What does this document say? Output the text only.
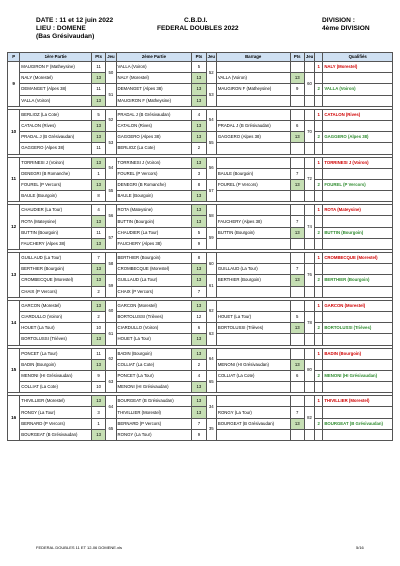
DATE : 11 et 12 juin 2022
LIEU : DOMENE
(Bas Grésivaudan)
C.B.D.I.
FEDERAL DOUBLES 2022
DIVISION :
4ème DIVISION
P	1ère Partie	Pts	Jeu	2ème Partie	Pts	Jeu	Barrage	Pts	Jeu		Qualifiés
9	MAUGIRON F (Matheysine)	11	50	VALLA (Voiron)	5	52				1	NALY (Morestel)
	NALY (Morestel)	13		NALY (Morestel)	13		VALLA (Voiron)	13	60		
	DEMANGET (Alpes 38)	11	51	DEMANGET (Alpes 38)	13	53	MAUGIRON F (Matheysine)	9		2	VALLA (Voiron)
	VALLA (Voiron)	13		MAUGIRON F (Matheysine)	13						

10	BERLIOZ (La Cote)	5	52	PRADAL J (B Grésivaudan)	4	54				1	CATALON (Rives)
	CATALON (Rives)	13		CATALON (Rives)	13		PRADAL J (B Grésivaudan)	6	70		
	PRADAL J (B Grésivaudan)	13	53	GAGGERO (Alpes 38)	13	55	GAGGERO (Alpes 38)	13		2	GAGGERO (Alpes 38)
	GAGGERO (Alpes 38)	11		BERLIOZ (La Cote)	2						

11	TORRINESI J (Voiron)	13	54	TORRINESI J (Voiron)	13	56				1	TORRINESI J (Voiron)
	DENEGRI (B Romanche)	1		FOUREL (P Vercors)	3		BAULE (Bourgoin)	7	72		
	FOUREL (P Vercors)	13	55	DENEGRI (B Romanche)	8	57	FOUREL (P Vercors)	13		2	FOUREL (P Vercors)
	BAULE (Bourgoin)	8		BAULE (Bourgoin)	13						

12	CHAUDIER (La Tour)	4	56	ROTA (Mateysine)	13	58				1	ROTA (Mateysine)
	ROTA (Mateysine)	13		BUTTIN (Bourgoin)	13		FAUCHERY (Alpes 38)	7	74		
	BUTTIN (Bourgoin)	11	57	CHAUDIER (La Tour)	5	59	BUTTIN (Bourgoin)	13		2	BUTTIN (Bourgoin)
	FAUCHERY (Alpes 38)	13		FAUCHERY (Alpes 38)	9						

13	GUILLAUD (La Tour)	7	58	BERTHIER (Bourgoin)	8	60				1	CROMBECQUE (Morestel)
	BERTHIER (Bourgoin)	13		CROMBECQUE (Morestel)	13		GUILLAUD (La Tour)	7	76		
	CROMBECQUE (Morestel)	13	59	GUILLAUD (La Tour)	13	61	BERTHIER (Bourgoin)	13		2	BERTHIER (Bourgoin)
	CHAIX (P Vercors)	2		CHAIX (P Vercors)	7						

14	GARCON (Morestel)	13	60	GARCON (Morestel)	13	62				1	GARCON (Morestel)
	CIARDULLO (Voiron)	2		BORTOLUSSI (Trièves)	12		HOUET (La Tour)	5	78		
	HOUET (La Tour)	10	61	CIARDULLO (Voiron)	6	63	BORTOLUSSI (Trièves)	13		2	BORTOLUSSI (Trièves)
	BORTOLUSSI (Trièves)	13		HOUET (La Tour)	13						

15	PONCET (La Tour)	11	62	BADIN (Bourgoin)	13	64				1	BADIN (Bourgoin)
	BADIN (Bourgoin)	13		COLLIAT (La Cote)	2		MENONI (HI Grésivaudan)	13	80		
	MENONI (HI Grésivaudan)	9	63	PONCET (La Tour)	4	65	COLLIAT (La Cote)	6		2	MENONI (HI Grésivaudan)
	COLLIAT (La Cote)	10		MENONI (HI Grésivaudan)	13						

16	THIVILLIER (Morestel)	13	64	BOURGEAT (B Grésivaudan)	13	34				1	THIVILLIER (Morestel)
	RONGY (La Tour)	3		THIVILLIER (Morestel)	13		RONGY (La Tour)	7	82		
	BERNARD (P Vercors)	1	65	BERNARD (P Vercors)	7	35	BOURGEAT (B Grésivaudan)	13		2	BOURGEAT (B Grésivaudan)
	BOURGEAT (B Grésivaudan)	13		RONGY (La Tour)	9						
FEDERAL DOUBLES 11 ET 12-06 DOMENE.xls	5/16
